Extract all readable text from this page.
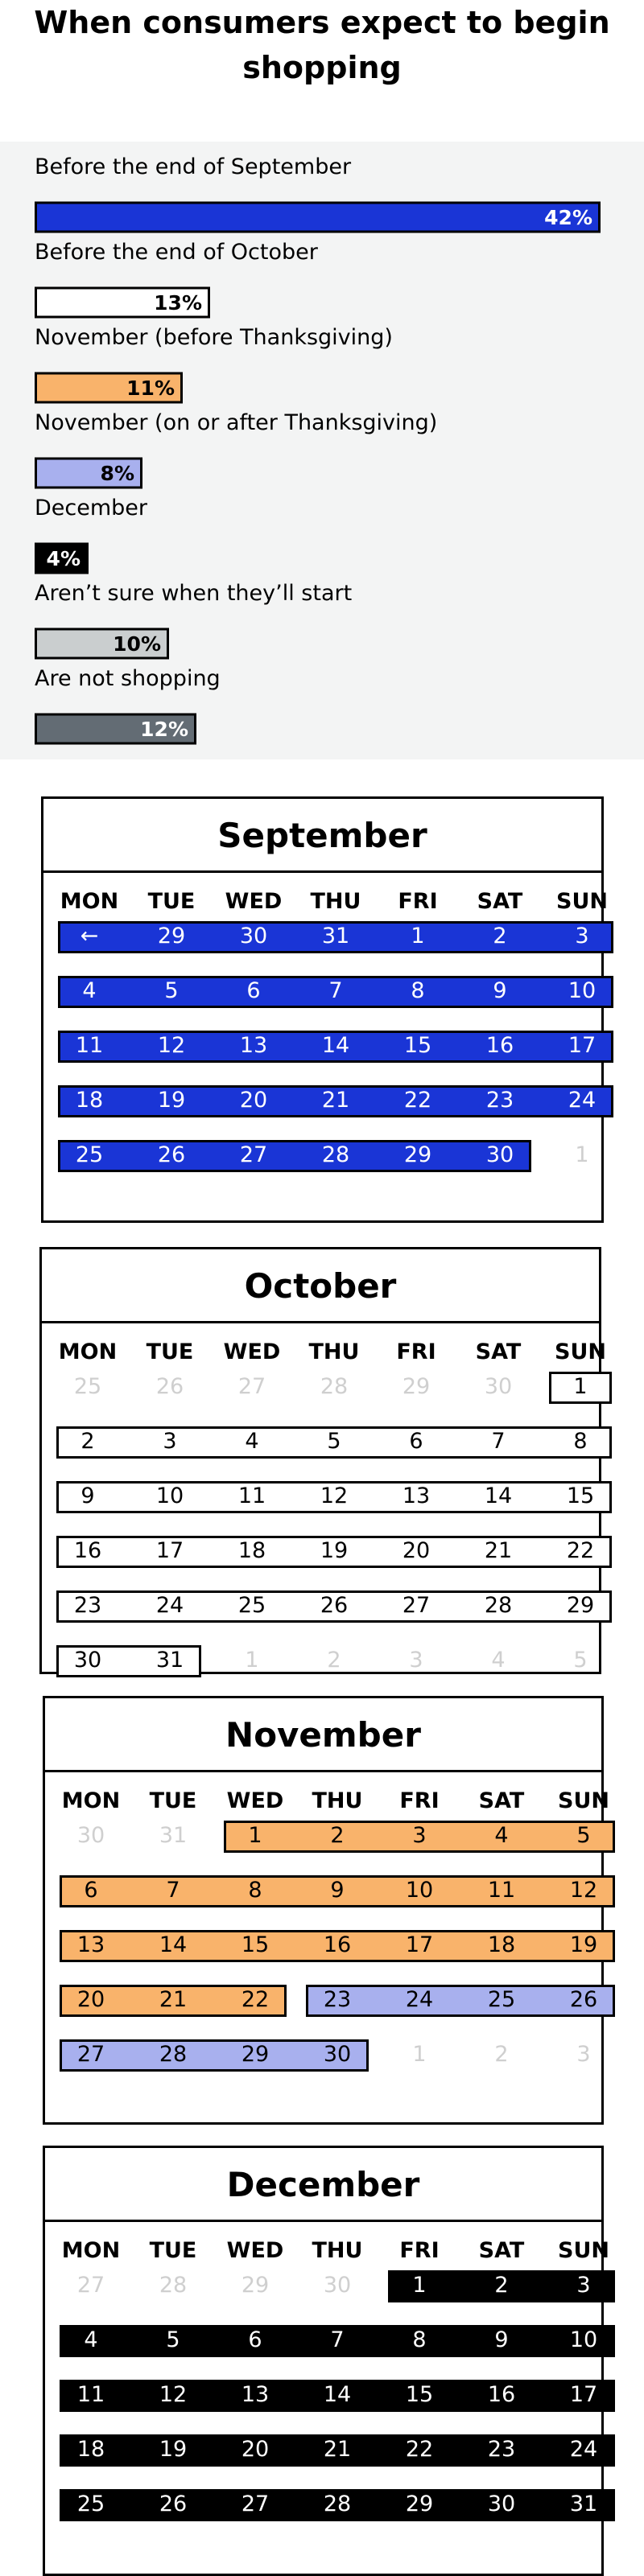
When consumers expect to begin shopping
Before the end of September
42%
Before the end of October
13%
November (before Thanksgiving)
11%
November (on or after Thanksgiving)
8%
December
4%
Aren’t sure when they’ll start
10%
Are not shopping
12%
September
MON	TUE	WED	THU	FRI	SAT	SUN
←	29	30	31	1	2	3
4	5	6	7	8	9	10
11	12	13	14	15	16	17
18	19	20	21	22	23	24
25	26	27	28	29	30	1
October
MON	TUE	WED	THU	FRI	SAT	SUN
25	26	27	28	29	30	1
2	3	4	5	6	7	8
9	10	11	12	13	14	15
16	17	18	19	20	21	22
23	24	25	26	27	28	29
30	31	1	2	3	4	5
November
MON	TUE	WED	THU	FRI	SAT	SUN
30	31	1	2	3	4	5
6	7	8	9	10	11	12
13	14	15	16	17	18	19
20	21	22	23	24	25	26
27	28	29	30	1	2	3
December
MON	TUE	WED	THU	FRI	SAT	SUN
27	28	29	30	1	2	3
4	5	6	7	8	9	10
11	12	13	14	15	16	17
18	19	20	21	22	23	24
25	26	27	28	29	30	31
